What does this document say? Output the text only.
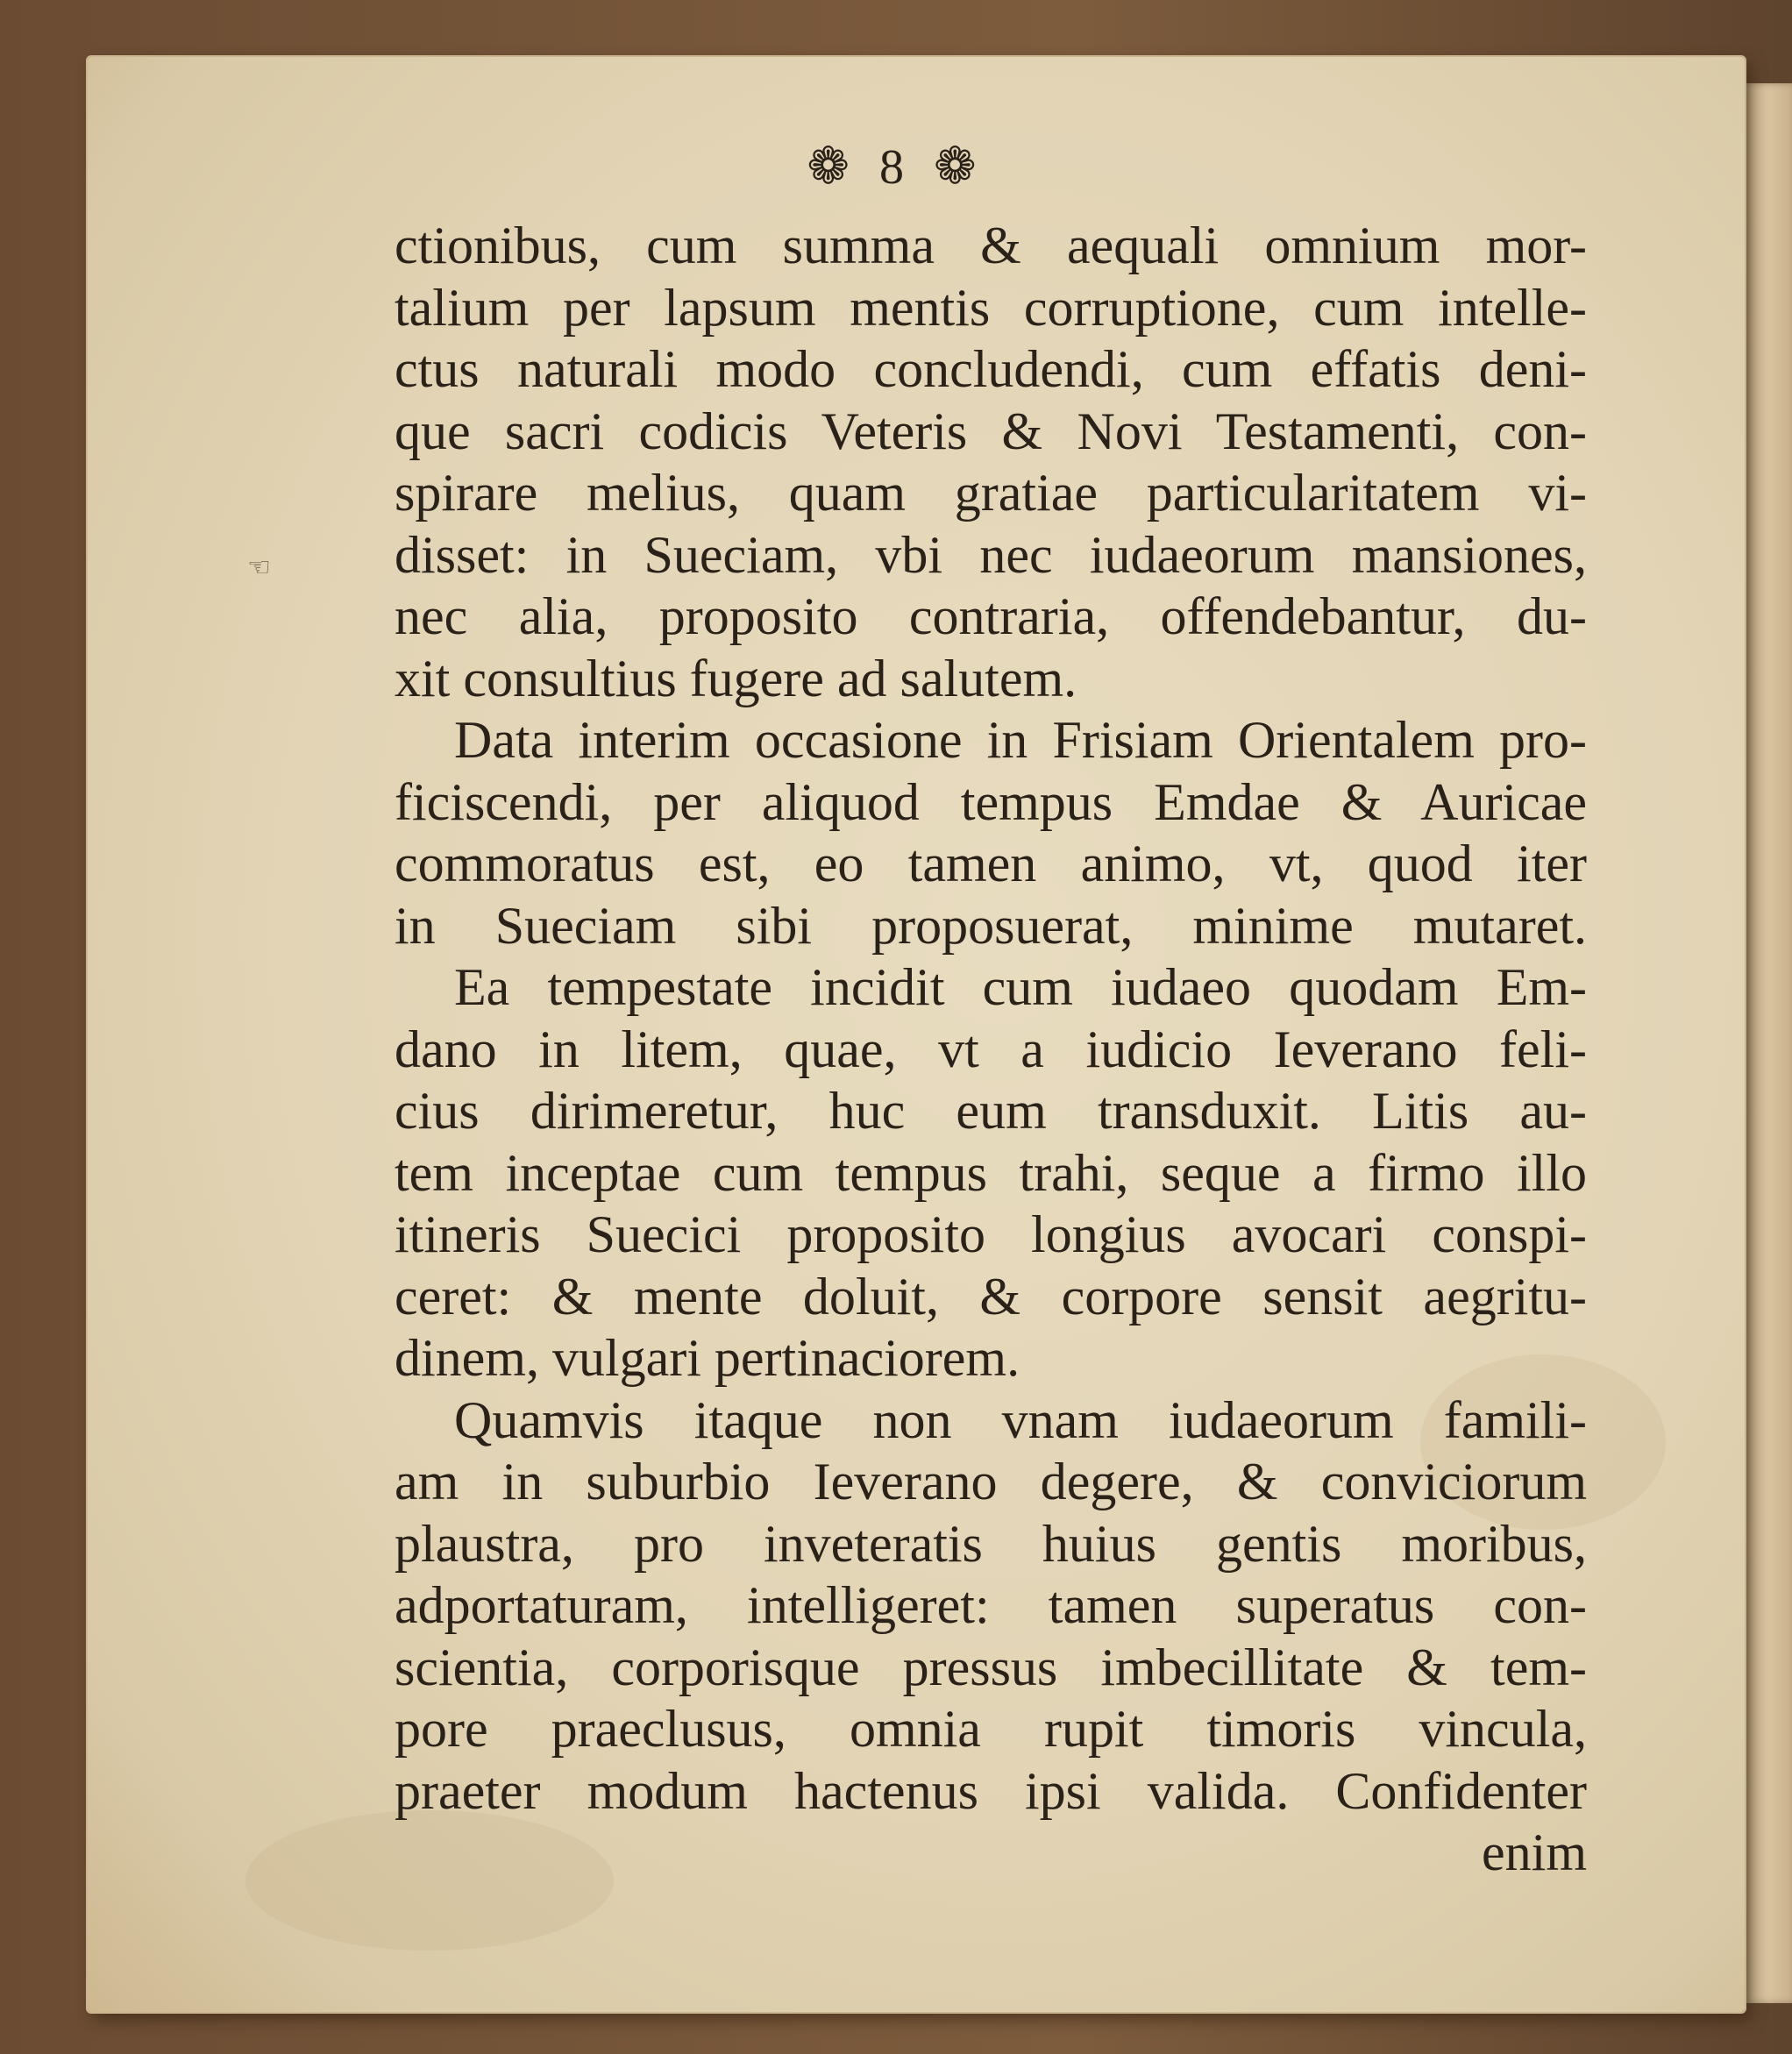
❁ 8 ❁
☜
ctionibus, cum summa & aequali omnium mor-
talium per lapsum mentis corruptione, cum intelle-
ctus naturali modo concludendi, cum effatis deni-
que sacri codicis Veteris & Novi Testamenti, con-
spirare melius, quam gratiae particularitatem vi-
disset: in Sueciam, vbi nec iudaeorum mansiones,
nec alia, proposito contraria, offendebantur, du-
xit consultius fugere ad salutem.
Data interim occasione in Frisiam Orientalem pro-
ficiscendi, per aliquod tempus Emdae & Auricae
commoratus est, eo tamen animo, vt, quod iter
in Sueciam sibi proposuerat, minime mutaret.
Ea tempestate incidit cum iudaeo quodam Em-
dano in litem, quae, vt a iudicio Ieverano feli-
cius dirimeretur, huc eum transduxit. Litis au-
tem inceptae cum tempus trahi, seque a firmo illo
itineris Suecici proposito longius avocari conspi-
ceret: & mente doluit, & corpore sensit aegritu-
dinem, vulgari pertinaciorem.
Quamvis itaque non vnam iudaeorum famili-
am in suburbio Ieverano degere, & conviciorum
plaustra, pro inveteratis huius gentis moribus,
adportaturam, intelligeret: tamen superatus con-
scientia, corporisque pressus imbecillitate & tem-
pore praeclusus, omnia rupit timoris vincula,
praeter modum hactenus ipsi valida. Confidenter
enim
